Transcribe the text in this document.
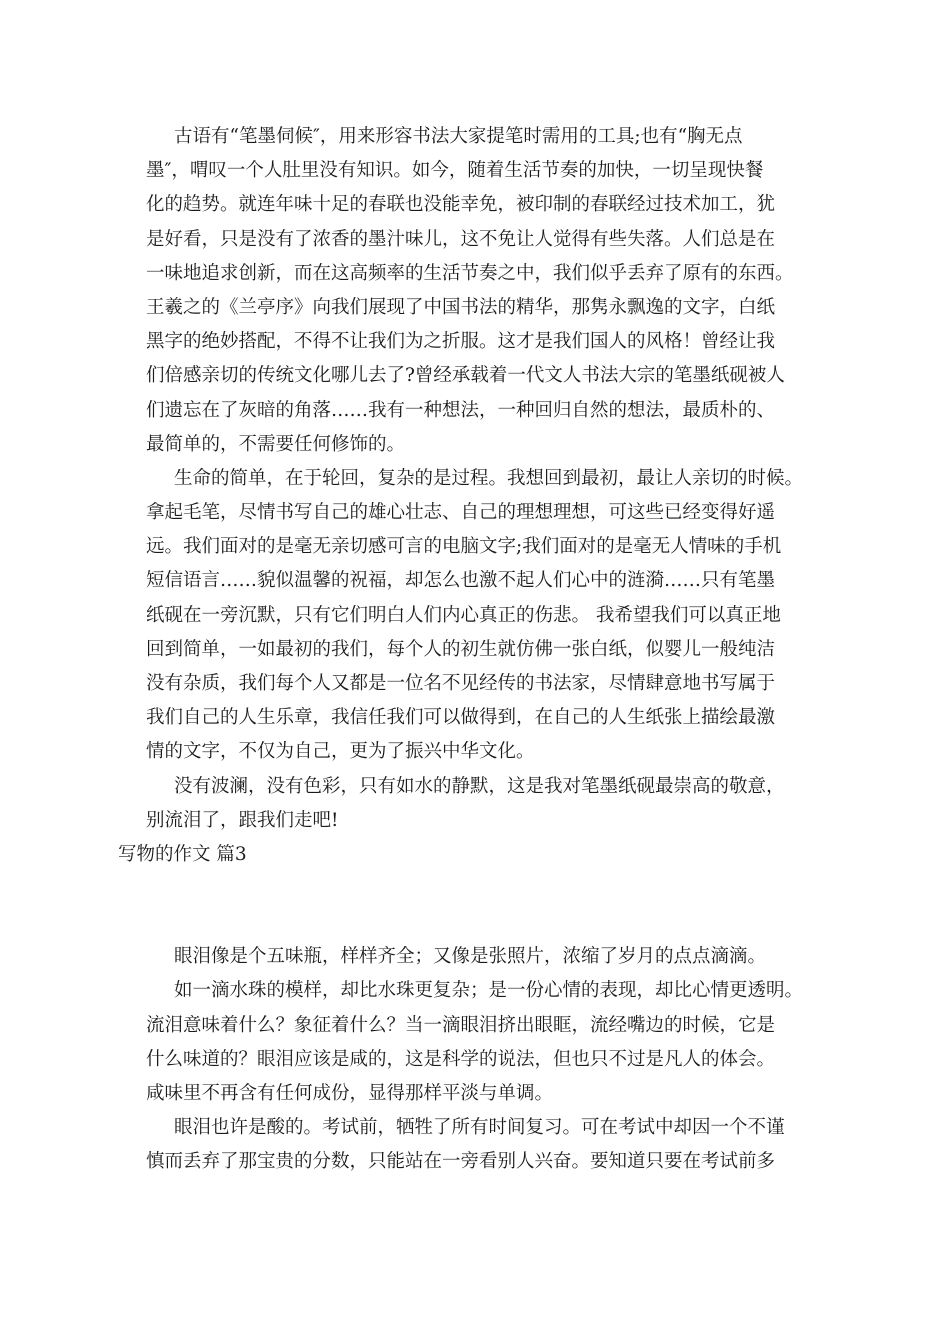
古语有“笔墨伺候″，用来形容书法大家提笔时需用的工具;也有“胸无点
墨″，喟叹一个人肚里没有知识。如今，随着生活节奏的加快，一切呈现快餐
化的趋势。就连年味十足的春联也没能幸免，被印制的春联经过技术加工，犹
是好看，只是没有了浓香的墨汁味儿，这不免让人觉得有些失落。人们总是在
一味地追求创新，而在这高频率的生活节奏之中，我们似乎丢弃了原有的东西。
王羲之的《兰亭序》向我们展现了中国书法的精华，那隽永飘逸的文字，白纸
黑字的绝妙搭配，不得不让我们为之折服。这才是我们国人的风格！曾经让我
们倍感亲切的传统文化哪儿去了?曾经承载着一代文人书法大宗的笔墨纸砚被人
们遗忘在了灰暗的角落……我有一种想法，一种回归自然的想法，最质朴的、
最简单的，不需要任何修饰的。
生命的简单，在于轮回，复杂的是过程。我想回到最初，最让人亲切的时候。
拿起毛笔，尽情书写自己的雄心壮志、自己的理想理想，可这些已经变得好遥
远。我们面对的是毫无亲切感可言的电脑文字;我们面对的是毫无人情味的手机
短信语言……貌似温馨的祝福，却怎么也激不起人们心中的涟漪……只有笔墨
纸砚在一旁沉默，只有它们明白人们内心真正的伤悲。 我希望我们可以真正地
回到简单，一如最初的我们，每个人的初生就仿佛一张白纸，似婴儿一般纯洁
没有杂质，我们每个人又都是一位名不见经传的书法家，尽情肆意地书写属于
我们自己的人生乐章，我信任我们可以做得到，在自己的人生纸张上描绘最激
情的文字，不仅为自己，更为了振兴中华文化。
没有波澜，没有色彩，只有如水的静默，这是我对笔墨纸砚最崇高的敬意，
别流泪了，跟我们走吧!
写物的作文 篇3
眼泪像是个五味瓶，样样齐全；又像是张照片，浓缩了岁月的点点滴滴。
如一滴水珠的模样，却比水珠更复杂；是一份心情的表现，却比心情更透明。
流泪意味着什么？象征着什么？当一滴眼泪挤出眼眶，流经嘴边的时候，它是
什么味道的？眼泪应该是咸的，这是科学的说法，但也只不过是凡人的体会。
咸味里不再含有任何成份，显得那样平淡与单调。
眼泪也许是酸的。考试前，牺牲了所有时间复习。可在考试中却因一个不谨
慎而丢弃了那宝贵的分数，只能站在一旁看别人兴奋。要知道只要在考试前多
